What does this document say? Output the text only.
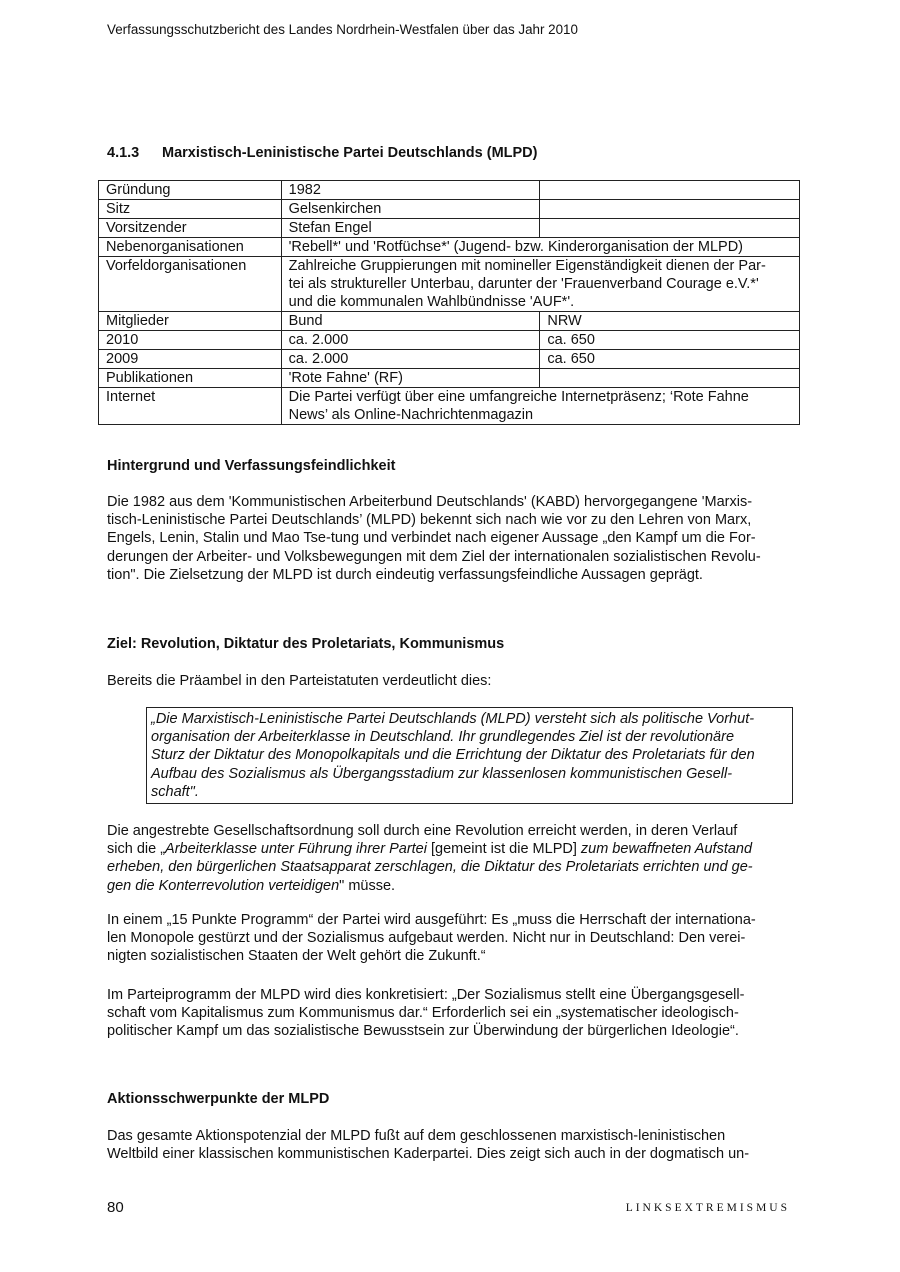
Verfassungsschutzbericht des Landes Nordrhein-Westfalen über das Jahr 2010
4.1.3 Marxistisch-Leninistische Partei Deutschlands (MLPD)
Gründung	1982	
Sitz	Gelsenkirchen	
Vorsitzender	Stefan Engel	
Nebenorganisationen	'Rebell*' und 'Rotfüchse*' (Jugend- bzw. Kinderorganisation der MLPD)	
Vorfeldorganisationen	Zahlreiche Gruppierungen mit nomineller Eigenständigkeit dienen der Par-
tei als struktureller Unterbau, darunter der 'Frauenverband Courage e.V.*'
und die kommunalen Wahlbündnisse 'AUF*'.	

Mitglieder	Bund	NRW
2010	ca. 2.000	ca. 650
2009	ca. 2.000	ca. 650
Publikationen	'Rote Fahne' (RF)	
Internet	Die Partei verfügt über eine umfangreiche Internetpräsenz; ‘Rote Fahne
News’ als Online-Nachrichtenmagazin	
Hintergrund und Verfassungsfeindlichkeit
Die 1982 aus dem 'Kommunistischen Arbeiterbund Deutschlands' (KABD) hervorgegangene 'Marxis-
tisch-Leninistische Partei Deutschlands’ (MLPD) bekennt sich nach wie vor zu den Lehren von Marx,
Engels, Lenin, Stalin und Mao Tse-tung und verbindet nach eigener Aussage „den Kampf um die For-
derungen der Arbeiter- und Volksbewegungen mit dem Ziel der internationalen sozialistischen Revolu-
tion". Die Zielsetzung der MLPD ist durch eindeutig verfassungsfeindliche Aussagen geprägt.
Ziel: Revolution, Diktatur des Proletariats, Kommunismus
Bereits die Präambel in den Parteistatuten verdeutlicht dies:
„Die Marxistisch-Leninistische Partei Deutschlands (MLPD) versteht sich als politische Vorhut-
organisation der Arbeiterklasse in Deutschland. Ihr grundlegendes Ziel ist der revolutionäre
Sturz der Diktatur des Monopolkapitals und die Errichtung der Diktatur des Proletariats für den
Aufbau des Sozialismus als Übergangsstadium zur klassenlosen kommunistischen Gesell-
schaft".
Die angestrebte Gesellschaftsordnung soll durch eine Revolution erreicht werden, in deren Verlauf
sich die „Arbeiterklasse unter Führung ihrer Partei [gemeint ist die MLPD] zum bewaffneten Aufstand
erheben, den bürgerlichen Staatsapparat zerschlagen, die Diktatur des Proletariats errichten und ge-
gen die Konterrevolution verteidigen" müsse.
In einem „15 Punkte Programm“ der Partei wird ausgeführt: Es „muss die Herrschaft der internationa-
len Monopole gestürzt und der Sozialismus aufgebaut werden. Nicht nur in Deutschland: Den verei-
nigten sozialistischen Staaten der Welt gehört die Zukunft.“
Im Parteiprogramm der MLPD wird dies konkretisiert: „Der Sozialismus stellt eine Übergangsgesell-
schaft vom Kapitalismus zum Kommunismus dar.“ Erforderlich sei ein „systematischer ideologisch-
politischer Kampf um das sozialistische Bewusstsein zur Überwindung der bürgerlichen Ideologie“.
Aktionsschwerpunkte der MLPD
Das gesamte Aktionspotenzial der MLPD fußt auf dem geschlossenen marxistisch-leninistischen
Weltbild einer klassischen kommunistischen Kaderpartei. Dies zeigt sich auch in der dogmatisch un-
80	LINKSEXTREMISMUS
